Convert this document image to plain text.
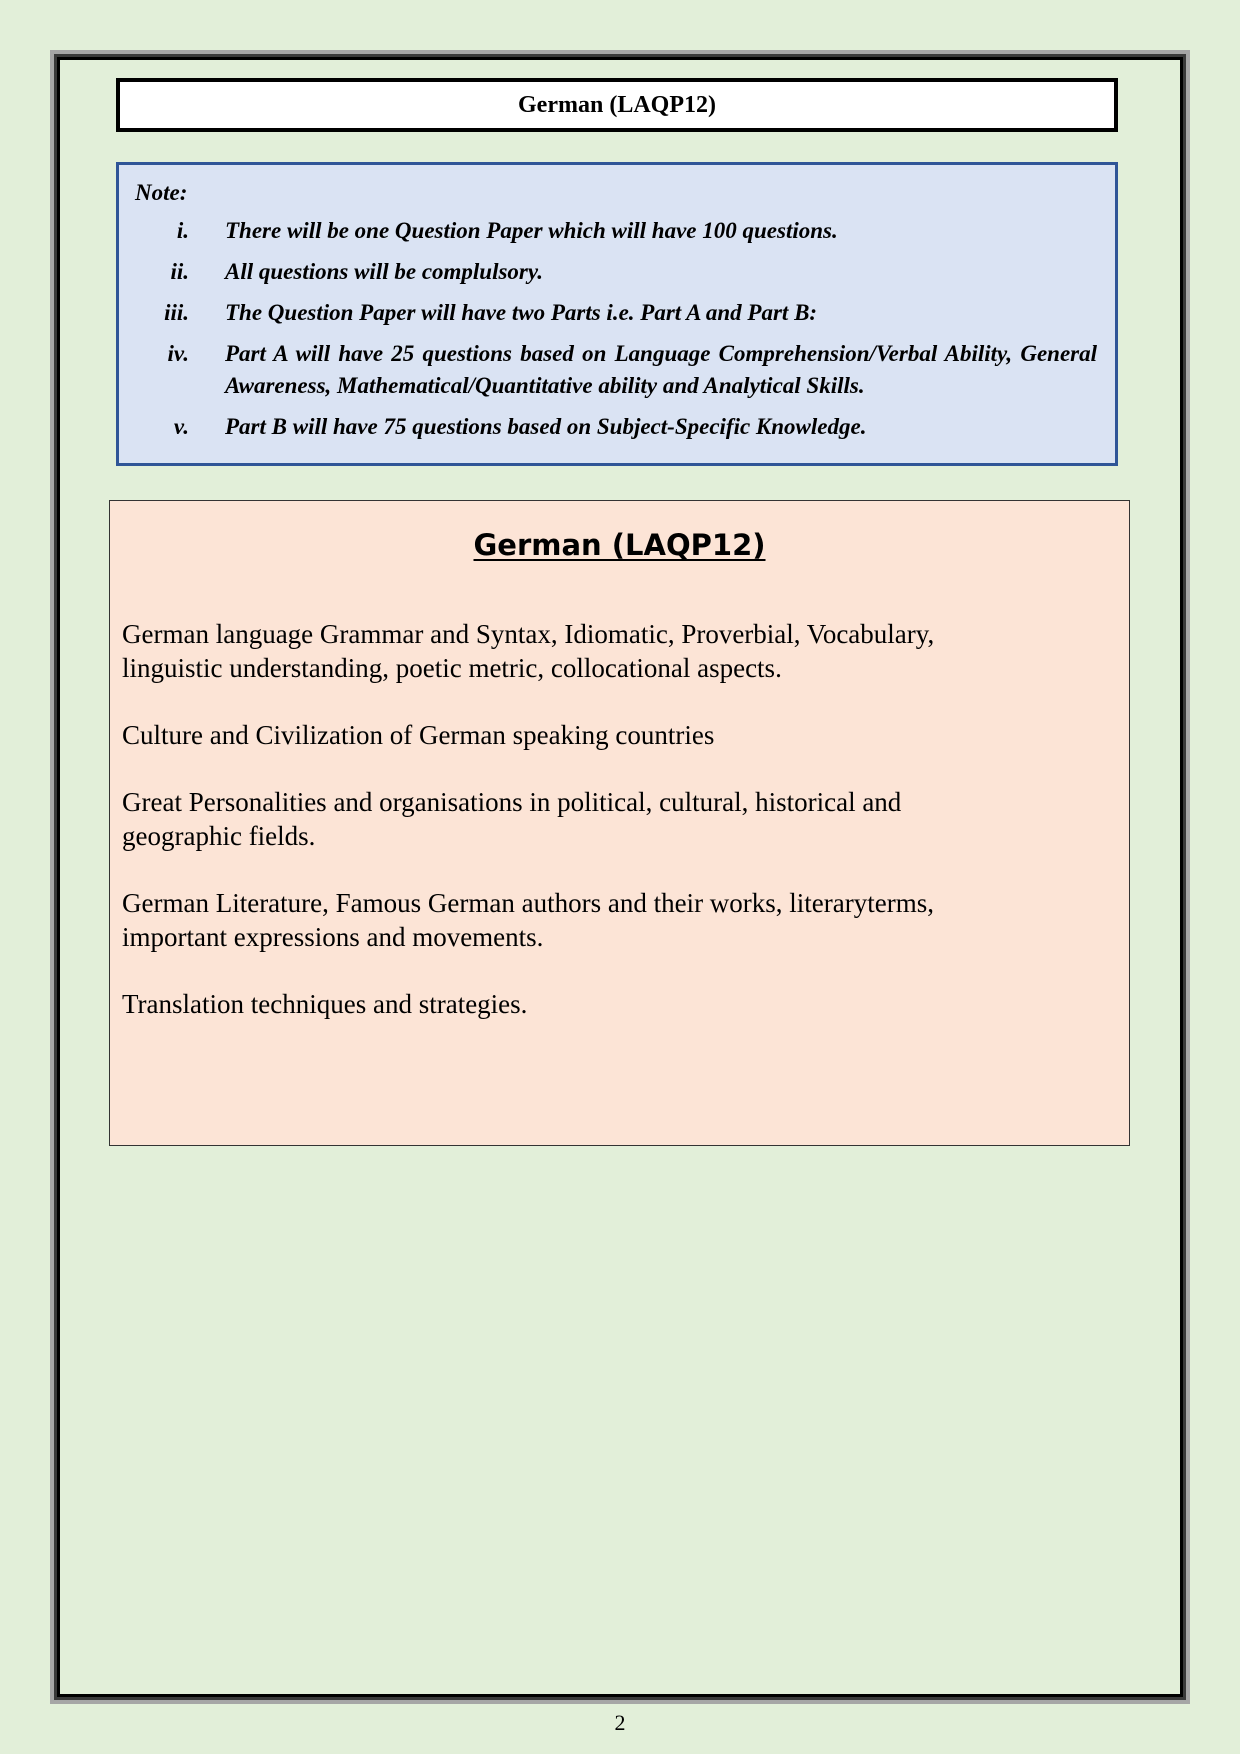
German (LAQP12)
Note:
i. There will be one Question Paper which will have 100 questions.
ii. All questions will be complulsory.
iii. The Question Paper will have two Parts i.e. Part A and Part B:
iv. Part A will have 25 questions based on Language Comprehension/Verbal Ability, General Awareness, Mathematical/Quantitative ability and Analytical Skills.
v. Part B will have 75 questions based on Subject-Specific Knowledge.
German (LAQP12)

German language Grammar and Syntax, Idiomatic, Proverbial, Vocabulary, linguistic understanding, poetic metric, collocational aspects.

Culture and Civilization of German speaking countries

Great Personalities and organisations in political, cultural, historical and geographic fields.

German Literature, Famous German authors and their works, literaryterms, important expressions and movements.

Translation techniques and strategies.

2
